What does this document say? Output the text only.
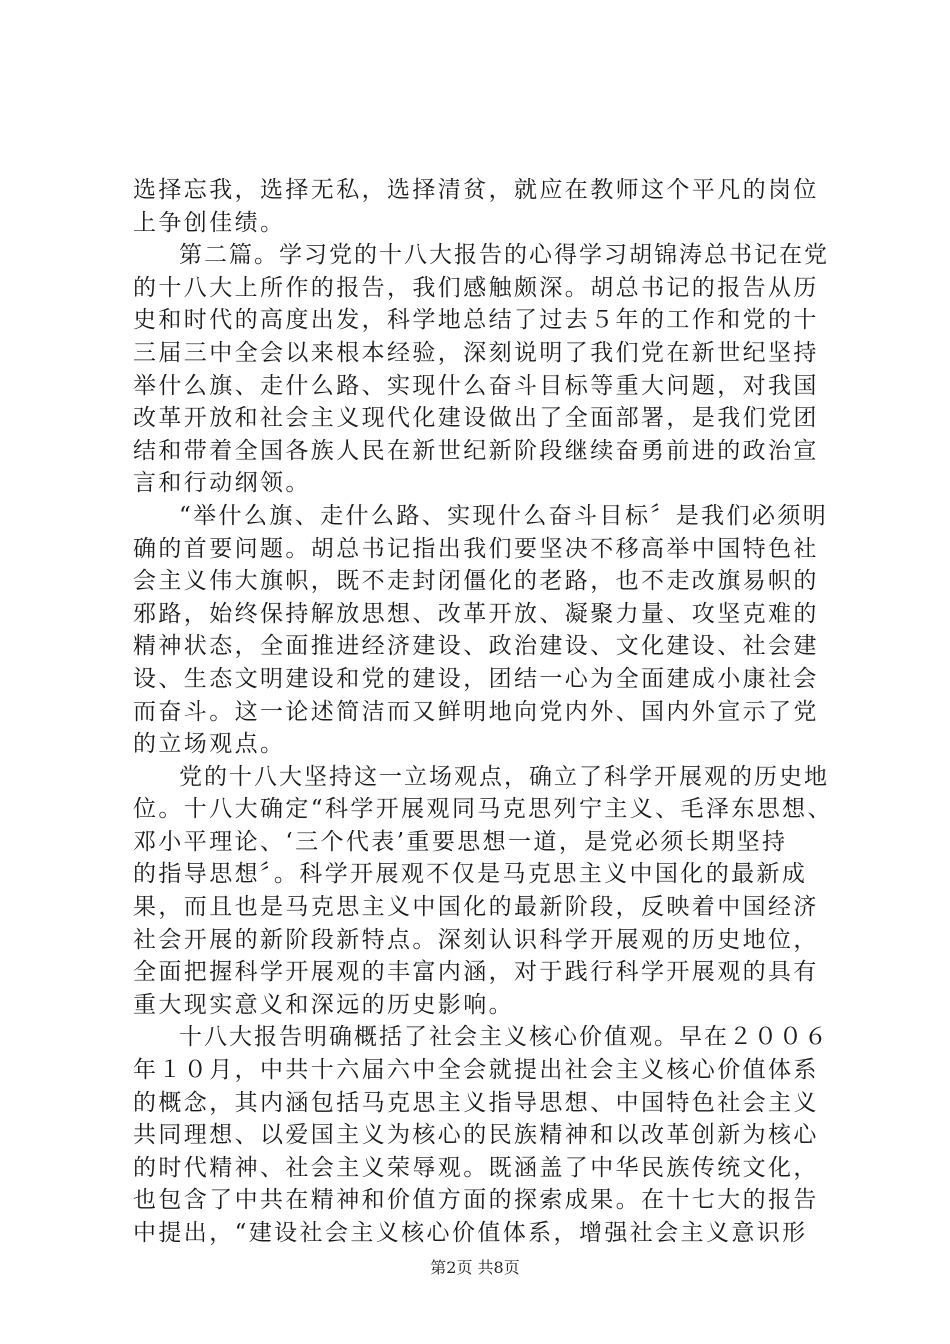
选择忘我，选择无私，选择清贫，就应在教师这个平凡的岗位
上争创佳绩。
第二篇。学习党的十八大报告的心得学习胡锦涛总书记在党
的十八大上所作的报告，我们感触颇深。胡总书记的报告从历
史和时代的高度出发，科学地总结了过去５年的工作和党的十
三届三中全会以来根本经验，深刻说明了我们党在新世纪坚持
举什么旗、走什么路、实现什么奋斗目标等重大问题，对我国
改革开放和社会主义现代化建设做出了全面部署，是我们党团
结和带着全国各族人民在新世纪新阶段继续奋勇前进的政治宣
言和行动纲领。
“举什么旗、走什么路、实现什么奋斗目标〞是我们必须明
确的首要问题。胡总书记指出我们要坚决不移高举中国特色社
会主义伟大旗帜，既不走封闭僵化的老路，也不走改旗易帜的
邪路，始终保持解放思想、改革开放、凝聚力量、攻坚克难的
精神状态，全面推进经济建设、政治建设、文化建设、社会建
设、生态文明建设和党的建设，团结一心为全面建成小康社会
而奋斗。这一论述简洁而又鲜明地向党内外、国内外宣示了党
的立场观点。
党的十八大坚持这一立场观点，确立了科学开展观的历史地
位。十八大确定“科学开展观同马克思列宁主义、毛泽东思想、
邓小平理论、‘三个代表’重要思想一道，是党必须长期坚持
的指导思想〞。科学开展观不仅是马克思主义中国化的最新成
果，而且也是马克思主义中国化的最新阶段，反映着中国经济
社会开展的新阶段新特点。深刻认识科学开展观的历史地位，
全面把握科学开展观的丰富内涵，对于践行科学开展观的具有
重大现实意义和深远的历史影响。
十八大报告明确概括了社会主义核心价值观。早在２００６
年１０月，中共十六届六中全会就提出社会主义核心价值体系
的概念，其内涵包括马克思主义指导思想、中国特色社会主义
共同理想、以爱国主义为核心的民族精神和以改革创新为核心
的时代精神、社会主义荣辱观。既涵盖了中华民族传统文化，
也包含了中共在精神和价值方面的探索成果。在十七大的报告
中提出，“建设社会主义核心价值体系，增强社会主义意识形
第2页 共8页
